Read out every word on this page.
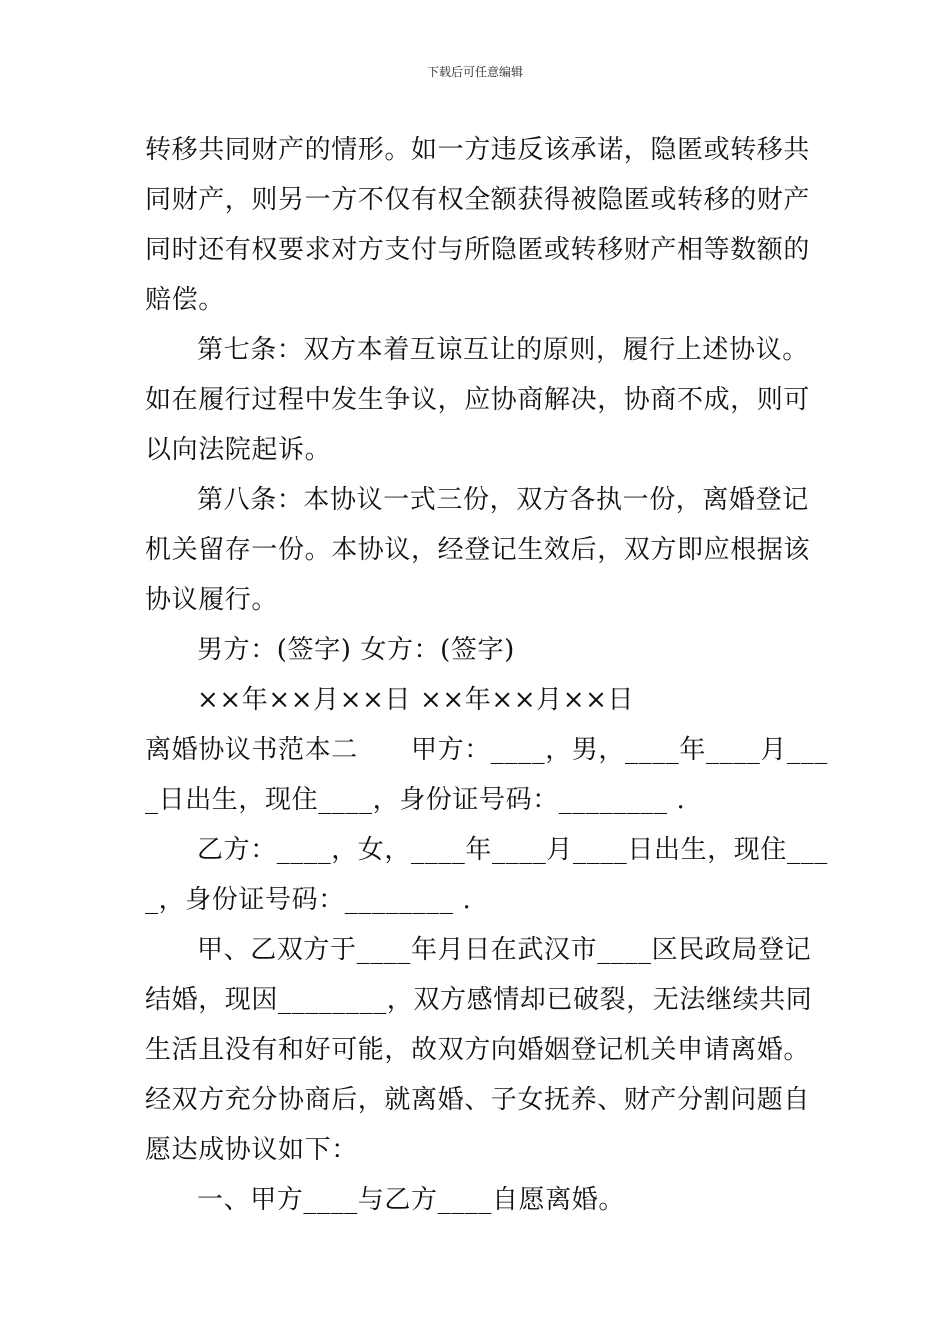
下载后可任意编辑
转移共同财产的情形。如一方违反该承诺，隐匿或转移共
同财产，则另一方不仅有权全额获得被隐匿或转移的财产
同时还有权要求对方支付与所隐匿或转移财产相等数额的
赔偿。
第七条：双方本着互谅互让的原则，履行上述协议。
如在履行过程中发生争议，应协商解决，协商不成，则可
以向法院起诉。
第八条：本协议一式三份，双方各执一份，离婚登记
机关留存一份。本协议，经登记生效后，双方即应根据该
协议履行。
男方：(签字) 女方：(签字)
××年××月××日 ××年××月××日
离婚协议书范本二　　甲方：____，男，____年____月___
_日出生，现住____，身份证号码：________ .
乙方：____，女，____年____月____日出生，现住___
_，身份证号码：________ .
甲、乙双方于____年月日在武汉市____区民政局登记
结婚，现因________，双方感情却已破裂，无法继续共同
生活且没有和好可能，故双方向婚姻登记机关申请离婚。
经双方充分协商后，就离婚、子女抚养、财产分割问题自
愿达成协议如下：
一、甲方____与乙方____自愿离婚。
